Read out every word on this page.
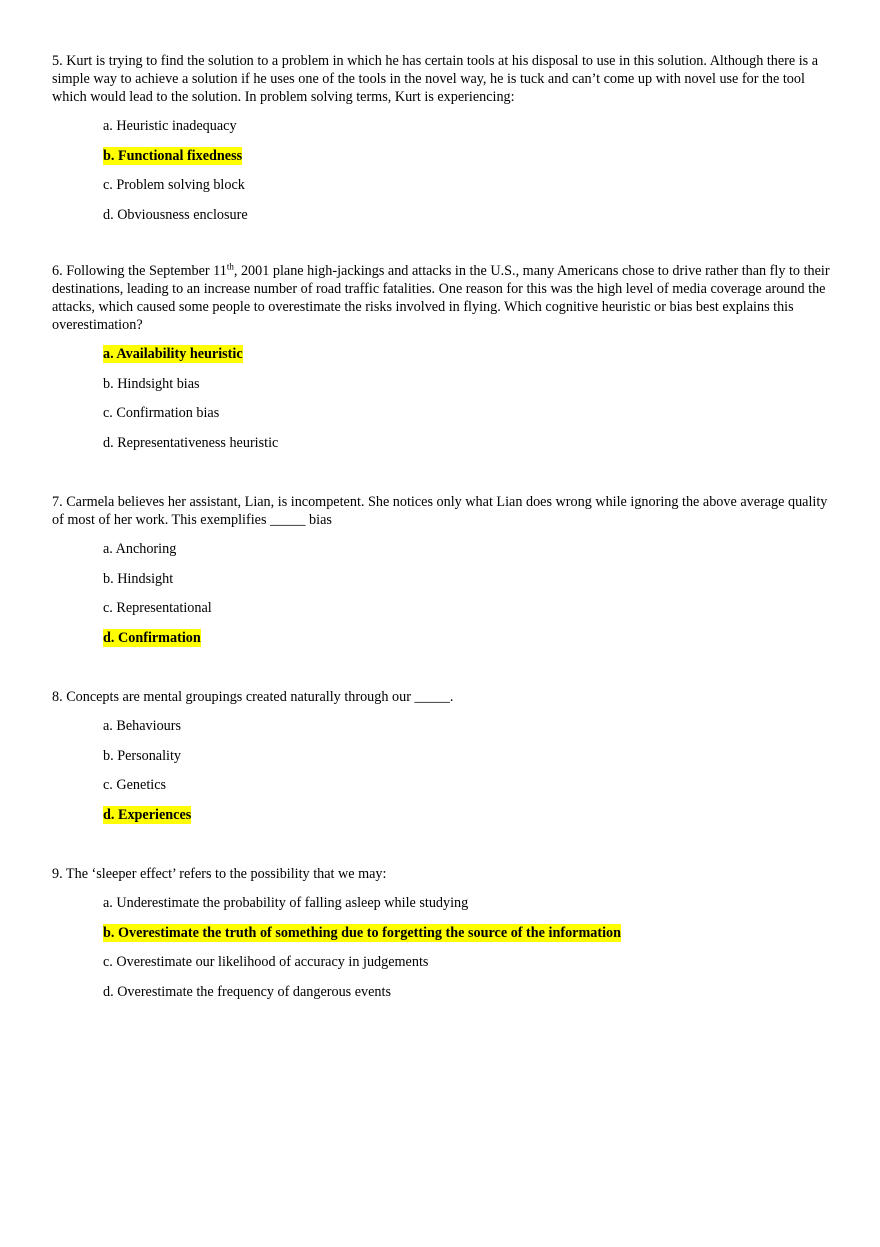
5. Kurt is trying to find the solution to a problem in which he has certain tools at his disposal to use in this solution. Although there is a simple way to achieve a solution if he uses one of the tools in the novel way, he is tuck and can’t come up with novel use for the tool which would lead to the solution. In problem solving terms, Kurt is experiencing:

a. Heuristic inadequacy
b. Functional fixedness
c. Problem solving block
d. Obviousness enclosure

6. Following the September 11th, 2001 plane high-jackings and attacks in the U.S., many Americans chose to drive rather than fly to their destinations, leading to an increase number of road traffic fatalities. One reason for this was the high level of media coverage around the attacks, which caused some people to overestimate the risks involved in flying. Which cognitive heuristic or bias best explains this overestimation?

a. Availability heuristic
b. Hindsight bias
c. Confirmation bias
d. Representativeness heuristic

7. Carmela believes her assistant, Lian, is incompetent. She notices only what Lian does wrong while ignoring the above average quality of most of her work. This exemplifies _____ bias

a. Anchoring
b. Hindsight
c. Representational
d. Confirmation

8. Concepts are mental groupings created naturally through our _____.

a. Behaviours
b. Personality
c. Genetics
d. Experiences

9. The ‘sleeper effect’ refers to the possibility that we may:

a. Underestimate the probability of falling asleep while studying
b. Overestimate the truth of something due to forgetting the source of the information
c. Overestimate our likelihood of accuracy in judgements
d. Overestimate the frequency of dangerous events
